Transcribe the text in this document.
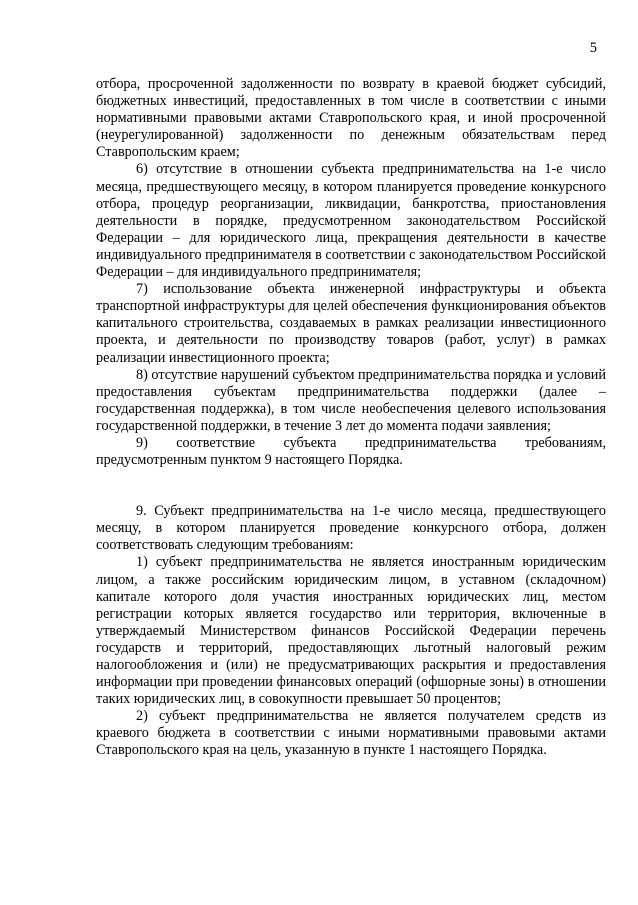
5

отбора, просроченной задолженности по возврату в краевой бюджет субсидий, бюджетных инвестиций, предоставленных в том числе в соответствии с иными нормативными правовыми актами Ставропольского края, и иной просроченной (неурегулированной) задолженности по денежным обязательствам перед Ставропольским краем;

6) отсутствие в отношении субъекта предпринимательства на 1-е число месяца, предшествующего месяцу, в котором планируется проведение конкурсного отбора, процедур реорганизации, ликвидации, банкротства, приостановления деятельности в порядке, предусмотренном законодательством Российской Федерации – для юридического лица, прекращения деятельности в качестве индивидуального предпринимателя в соответствии с законодательством Российской Федерации – для индивидуального предпринимателя;

7) использование объекта инженерной инфраструктуры и объекта транспортной инфраструктуры для целей обеспечения функционирования объектов капитального строительства, создаваемых в рамках реализации инвестиционного проекта, и деятельности по производству товаров (работ, услуг) в рамках реализации инвестиционного проекта;

8) отсутствие нарушений субъектом предпринимательства порядка и условий предоставления субъектам предпринимательства поддержки (далее – государственная поддержка), в том числе необеспечения целевого использования государственной поддержки, в течение 3 лет до момента подачи заявления;

9) соответствие субъекта предпринимательства требованиям, предусмотренным пунктом 9 настоящего Порядка.

9. Субъект предпринимательства на 1-е число месяца, предшествующего месяцу, в котором планируется проведение конкурсного отбора, должен соответствовать следующим требованиям:

1) субъект предпринимательства не является иностранным юридическим лицом, а также российским юридическим лицом, в уставном (складочном) капитале которого доля участия иностранных юридических лиц, местом регистрации которых является государство или территория, включенные в утверждаемый Министерством финансов Российской Федерации перечень государств и территорий, предоставляющих льготный налоговый режим налогообложения и (или) не предусматривающих раскрытия и предоставления информации при проведении финансовых операций (офшорные зоны) в отношении таких юридических лиц, в совокупности превышает 50 процентов;

2) субъект предпринимательства не является получателем средств из краевого бюджета в соответствии с иными нормативными правовыми актами Ставропольского края на цель, указанную в пункте 1 настоящего Порядка.
